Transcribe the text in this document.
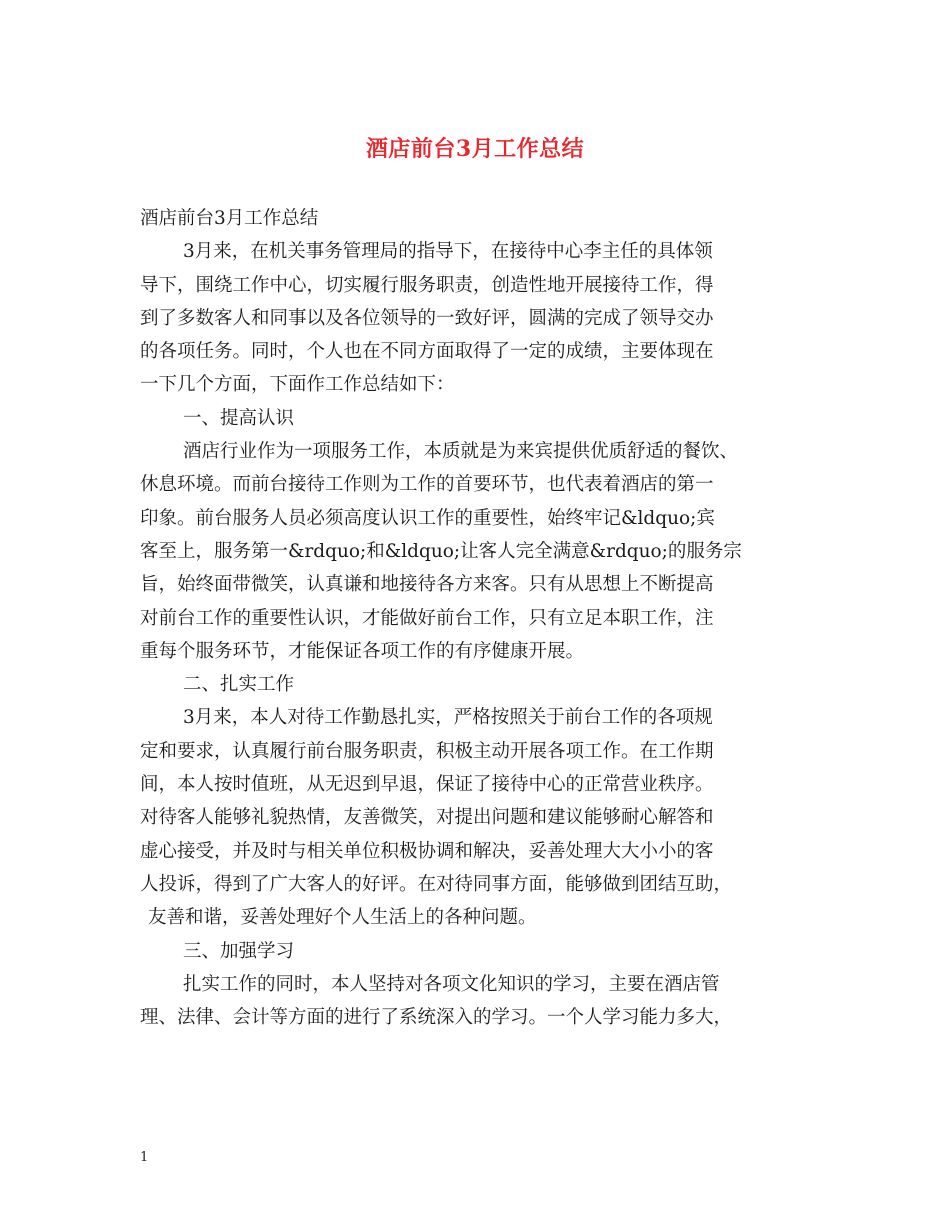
酒店前台3月工作总结
酒店前台3月工作总结
3月来，在机关事务管理局的指导下，在接待中心李主任的具体领
导下，围绕工作中心，切实履行服务职责，创造性地开展接待工作，得
到了多数客人和同事以及各位领导的一致好评，圆满的完成了领导交办
的各项任务。同时，个人也在不同方面取得了一定的成绩，主要体现在
一下几个方面，下面作工作总结如下：
一、提高认识
酒店行业作为一项服务工作，本质就是为来宾提供优质舒适的餐饮、
休息环境。而前台接待工作则为工作的首要环节，也代表着酒店的第一
印象。前台服务人员必须高度认识工作的重要性，始终牢记&ldquo;宾
客至上，服务第一&rdquo;和&ldquo;让客人完全满意&rdquo;的服务宗
旨，始终面带微笑，认真谦和地接待各方来客。只有从思想上不断提高
对前台工作的重要性认识，才能做好前台工作，只有立足本职工作，注
重每个服务环节，才能保证各项工作的有序健康开展。
二、扎实工作
3月来，本人对待工作勤恳扎实，严格按照关于前台工作的各项规
定和要求，认真履行前台服务职责，积极主动开展各项工作。在工作期
间，本人按时值班，从无迟到早退，保证了接待中心的正常营业秩序。
对待客人能够礼貌热情，友善微笑，对提出问题和建议能够耐心解答和
虚心接受，并及时与相关单位积极协调和解决，妥善处理大大小小的客
人投诉，得到了广大客人的好评。在对待同事方面，能够做到团结互助，
友善和谐，妥善处理好个人生活上的各种问题。
三、加强学习
扎实工作的同时，本人坚持对各项文化知识的学习，主要在酒店管
理、法律、会计等方面的进行了系统深入的学习。一个人学习能力多大，
1
